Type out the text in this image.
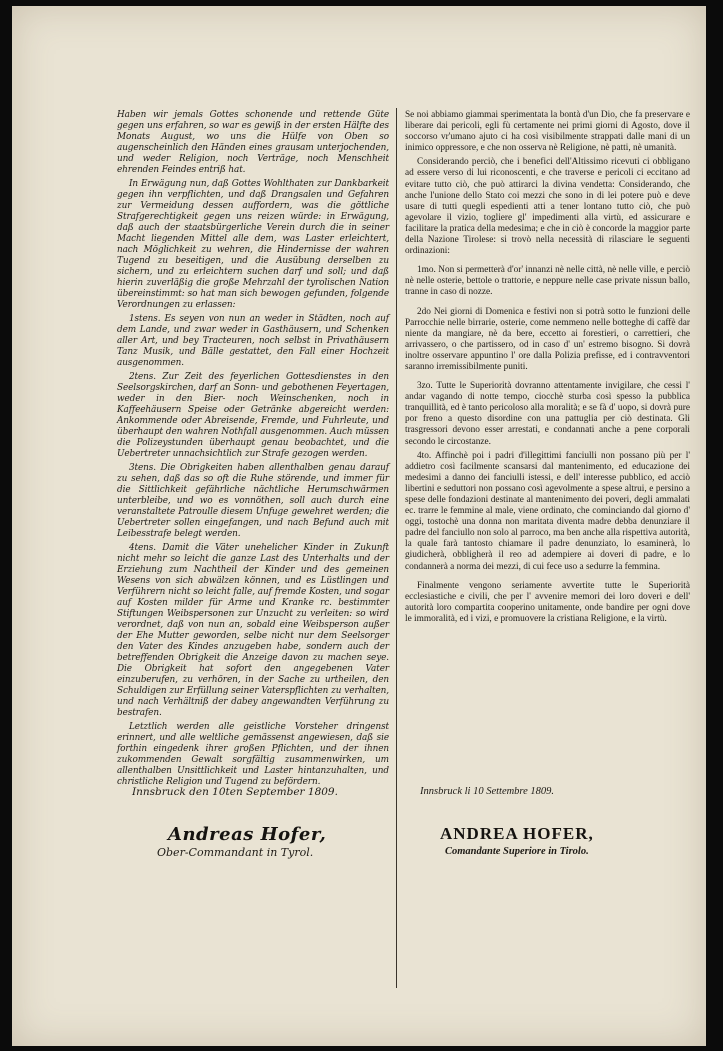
Haben wir jemals Gottes schonende und rettende Güte gegen uns erfahren, so war es gewiß in der ersten Hälfte des Monats August, wo uns die Hülfe von Oben so augenscheinlich den Händen eines grausam unterjochenden, und weder Religion, noch Verträge, noch Menschheit ehrenden Feindes entriß hat.

In Erwägung nun, daß Gottes Wohlthaten zur Dankbarkeit gegen ihn verpflichten, und daß Drangsalen und Gefahren zur Vermeidung dessen auffordern, was die göttliche Strafgerechtigkeit gegen uns reizen würde: in Erwägung, daß auch der staatsbürgerliche Verein durch die in seiner Macht liegenden Mittel alle dem, was Laster erleichtert, nach Möglichkeit zu wehren, die Hindernisse der wahren Tugend zu beseitigen, und die Ausübung derselben zu sichern, und zu erleichtern suchen darf und soll; und daß hierin zuverläßig die große Mehrzahl der tyrolischen Nation übereinstimmt: so hat man sich bewogen gefunden, folgende Verordnungen zu erlassen:

1stens. Es seyen von nun an weder in Städten, noch auf dem Lande, und zwar weder in Gasthäusern, und Schenken aller Art, und bey Tracteuren, noch selbst in Privathäusern Tanz Musik, und Bälle gestattet, den Fall einer Hochzeit ausgenommen.

2tens. Zur Zeit des feyerlichen Gottesdienstes in den Seelsorgskirchen, darf an Sonn- und gebothenen Feyertagen, weder in den Bier- noch Weinschenken, noch in Kaffeehäusern Speise oder Getränke abgereicht werden: Ankommende oder Abreisende, Fremde, und Fuhrleute, und überhaupt den wahren Nothfall ausgenommen. Auch müssen die Polizeystunden überhaupt genau beobachtet, und die Uebertreter unnachsichtlich zur Strafe gezogen werden.

3tens. Die Obrigkeiten haben allenthalben genau darauf zu sehen, daß das so oft die Ruhe störende, und immer für die Sittlichkeit gefährliche nächtliche Herumschwärmen unterbleibe, und wo es vonnöthen, soll auch durch eine veranstaltete Patroulle diesem Unfuge gewehret werden; die Uebertreter sollen eingefangen, und nach Befund auch mit Leibesstrafe belegt werden.

4tens. Damit die Väter unehelicher Kinder in Zukunft nicht mehr so leicht die ganze Last des Unterhalts und der Erziehung zum Nachtheil der Kinder und des gemeinen Wesens von sich abwälzen können, und es Lüstlingen und Verführern nicht so leicht falle, auf fremde Kosten, und sogar auf Kosten milder für Arme und Kranke rc. bestimmter Stiftungen Weibspersonen zur Unzucht zu verleiten: so wird verordnet, daß von nun an, sobald eine Weibsperson außer der Ehe Mutter geworden, selbe nicht nur dem Seelsorger den Vater des Kindes anzugeben habe, sondern auch der betreffenden Obrigkeit die Anzeige davon zu machen seye. Die Obrigkeit hat sofort den angegebenen Vater einzuberufen, zu verhören, in der Sache zu urtheilen, den Schuldigen zur Erfüllung seiner Vaterspflichten zu verhalten, und nach Verhältniß der dabey angewandten Verführung zu bestrafen.

Letztlich werden alle geistliche Vorsteher dringenst erinnert, und alle weltliche gemässenst angewiesen, daß sie forthin eingedenk ihrer großen Pflichten, und der ihnen zukommenden Gewalt sorgfältig zusammenwirken, um allenthalben Unsittlichkeit und Laster hintanzuhalten, und christliche Religion und Tugend zu befördern.

Se noi abbiamo giammai sperimentata la bontà d'un Dio, che fa preservare e liberare dai pericoli, egli fù certamente nei primi giorni di Agosto, dove il soccorso vr'umano ajuto ci ha così visibilmente strappati dalle mani di un inimico oppressore, e che non osserva nè Religione, nè patti, nè umanità.

Considerando perciò, che i benefici dell'Altissimo ricevuti ci obbligano ad essere verso di lui riconoscenti, e che traverse e pericoli ci eccitano ad evitare tutto ciò, che può attirarci la divina vendetta: Considerando, che anche l'unione dello Stato coi mezzi che sono in di lei potere può e deve usare di tutti quegli espedienti atti a tener lontano tutto ciò, che può agevolare il vizio, togliere gl' impedimenti alla virtù, ed assicurare e facilitare la pratica della medesima; e che in ciò è concorde la maggior parte della Nazione Tirolese: si trovò nella necessità di rilasciare le seguenti ordinazioni:

1mo. Non si permetterà d'or' innanzi nè nelle città, nè nelle ville, e perciò nè nelle osterie, bettole o trattorie, e neppure nelle case private nissun ballo, tranne in caso di nozze.

2do Nei giorni di Domenica e festivi non si potrà sotto le funzioni delle Parrocchie nelle birrarie, osterie, come nemmeno nelle botteghe di caffè dar niente da mangiare, nè da bere, eccetto ai forestieri, o carrettieri, che arrivassero, o che partissero, od in caso d' un' estremo bisogno. Si dovrà inoltre osservare appuntino l' ore dalla Polizia prefisse, ed i contravventori saranno irremissibilmente puniti.

3zo. Tutte le Superiorità dovranno attentamente invigilare, che cessi l' andar vagando di notte tempo, ciocchè sturba così spesso la pubblica tranquillità, ed è tanto pericoloso alla moralità; e se fà d' uopo, si dovrà pure por freno a questo disordine con una pattuglia per ciò destinata. Gli trasgressori devono esser arrestati, e condannati anche a pene corporali secondo le circostanze.

4to. Affinchè poi i padri d'illegittimi fanciulli non possano più per l' addietro così facilmente scansarsi dal mantenimento, ed educazione dei medesimi a danno dei fanciulli istessi, e dell' interesse pubblico, ed acciò libertini e seduttori non possano così agevolmente a spese altrui, e persino a spese delle fondazioni destinate al mantenimento dei poveri, degli ammalati ec. trarre le femmine al male, viene ordinato, che cominciando dal giorno d' oggi, tostochè una donna non maritata diventa madre debba denunziare il padre del fanciullo non solo al parroco, ma ben anche alla rispettiva autorità, la quale farà tantosto chiamare il padre denunziato, lo esaminerà, lo giudicherà, obbligherà il reo ad adempiere ai doveri di padre, e lo condannerà a norma dei mezzi, di cui fece uso a sedurre la femmina.

Finalmente vengono seriamente avvertite tutte le Superiorità ecclesiastiche e civili, che per l' avvenire memori dei loro doveri e dell' autorità loro compartita cooperino unitamente, onde bandire per ogni dove le immoralità, ed i vizi, e promuovere la cristiana Religione, e la virtù.

Innsbruck den 10ten September 1809.	Innsbruck li 10 Settembre 1809.
Andreas Hofer,	ANDREA HOFER,
Ober-Commandant in Tyrol.	Comandante Superiore in Tirolo.
